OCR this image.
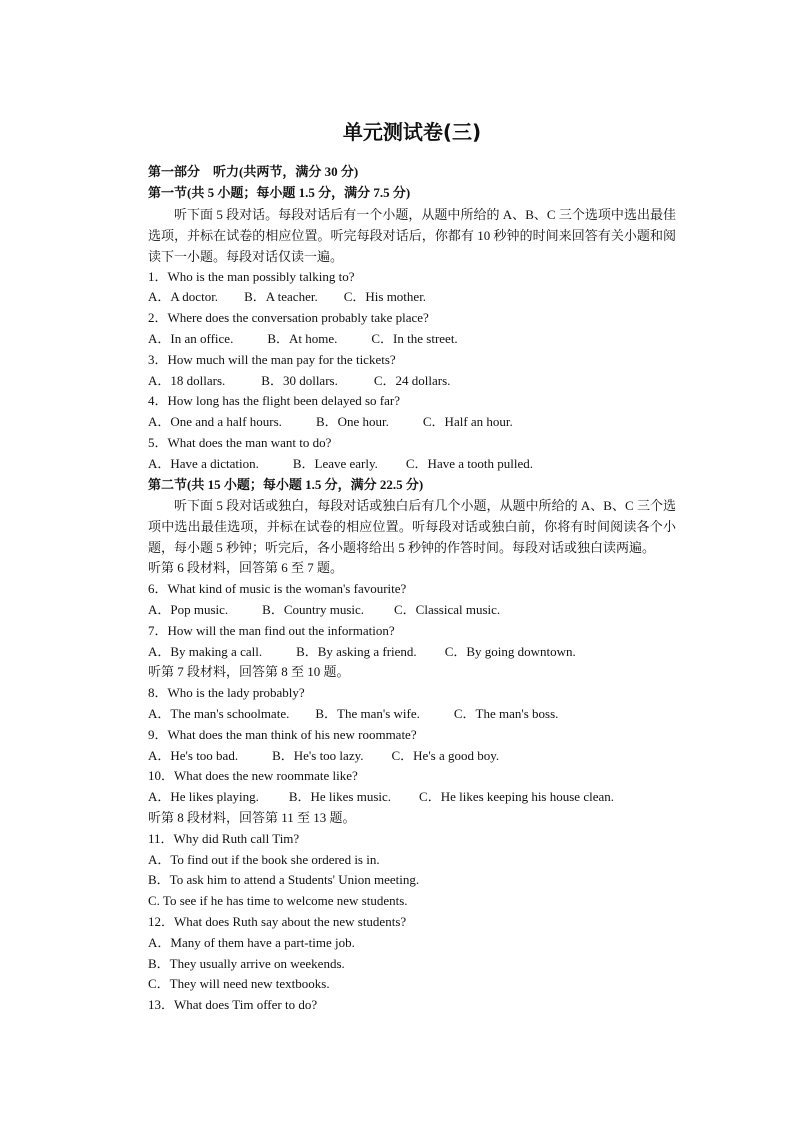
单元测试卷(三)
第一部分　听力(共两节，满分 30 分)
第一节(共 5 小题；每小题 1.5 分，满分 7.5 分)
听下面 5 段对话。每段对话后有一个小题，从题中所给的 A、B、C 三个选项中选出最佳选项，并标在试卷的相应位置。听完每段对话后，你都有 10 秒钟的时间来回答有关小题和阅读下一小题。每段对话仅读一遍。
1．Who is the man possibly talking to?
A．A doctor. B．A teacher. C．His mother.
2．Where does the conversation probably take place?
A．In an office.	B．At home.	C．In the street.
3．How much will the man pay for the tickets?
A．18 dollars.	B．30 dollars.	C．24 dollars.
4．How long has the flight been delayed so far?
A．One and a half hours.	B．One hour.	C．Half an hour.
5．What does the man want to do?
A．Have a dictation.	B．Leave early. C．Have a tooth pulled.
第二节(共 15 小题；每小题 1.5 分，满分 22.5 分)
听下面 5 段对话或独白，每段对话或独白后有几个小题，从题中所给的 A、B、C 三个选项中选出最佳选项，并标在试卷的相应位置。听每段对话或独白前，你将有时间阅读各个小题，每小题 5 秒钟；听完后，各小题将给出 5 秒钟的作答时间。每段对话或独白读两遍。
听第 6 段材料，回答第 6 至 7 题。
6．What kind of music is the woman's favourite?
A．Pop music.	B．Country music. C．Classical music.
7．How will the man find out the information?
A．By making a call.	B．By asking a friend. C．By going downtown.
听第 7 段材料，回答第 8 至 10 题。
8．Who is the lady probably?
A．The man's schoolmate. B．The man's wife.	C．The man's boss.
9．What does the man think of his new roommate?
A．He's too bad.	B．He's too lazy. C．He's a good boy.
10．What does the new roommate like?
A．He likes playing. B．He likes music. C．He likes keeping his house clean.
听第 8 段材料，回答第 11 至 13 题。
11．Why did Ruth call Tim?
A．To find out if the book she ordered is in.
B．To ask him to attend a Students' Union meeting.
C. To see if he has time to welcome new students.
12．What does Ruth say about the new students?
A．Many of them have a part-time job.
B．They usually arrive on weekends.
C．They will need new textbooks.
13．What does Tim offer to do?
